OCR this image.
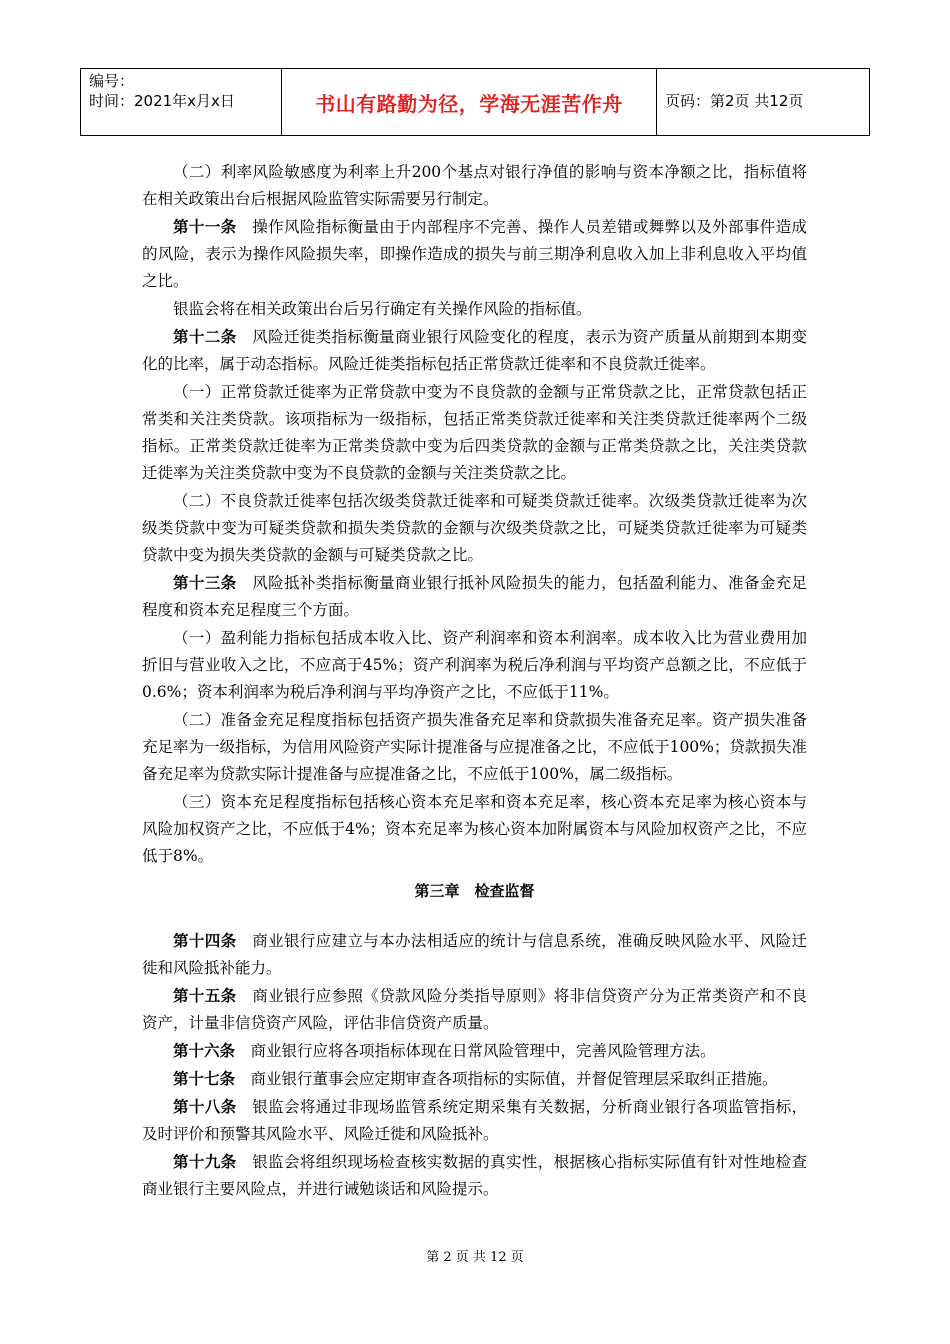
编号：
时间：2021年x月x日	书山有路勤为径，学海无涯苦作舟	页码：第2页 共12页

（二）利率风险敏感度为利率上升200个基点对银行净值的影响与资本净额之比，指标值将在相关政策出台后根据风险监管实际需要另行制定。

第十一条　操作风险指标衡量由于内部程序不完善、操作人员差错或舞弊以及外部事件造成的风险，表示为操作风险损失率，即操作造成的损失与前三期净利息收入加上非利息收入平均值之比。

银监会将在相关政策出台后另行确定有关操作风险的指标值。

第十二条　风险迁徙类指标衡量商业银行风险变化的程度，表示为资产质量从前期到本期变化的比率，属于动态指标。风险迁徙类指标包括正常贷款迁徙率和不良贷款迁徙率。

（一）正常贷款迁徙率为正常贷款中变为不良贷款的金额与正常贷款之比，正常贷款包括正常类和关注类贷款。该项指标为一级指标，包括正常类贷款迁徙率和关注类贷款迁徙率两个二级指标。正常类贷款迁徙率为正常类贷款中变为后四类贷款的金额与正常类贷款之比，关注类贷款迁徙率为关注类贷款中变为不良贷款的金额与关注类贷款之比。

（二）不良贷款迁徙率包括次级类贷款迁徙率和可疑类贷款迁徙率。次级类贷款迁徙率为次级类贷款中变为可疑类贷款和损失类贷款的金额与次级类贷款之比，可疑类贷款迁徙率为可疑类贷款中变为损失类贷款的金额与可疑类贷款之比。

第十三条　风险抵补类指标衡量商业银行抵补风险损失的能力，包括盈利能力、准备金充足程度和资本充足程度三个方面。

（一）盈利能力指标包括成本收入比、资产利润率和资本利润率。成本收入比为营业费用加折旧与营业收入之比，不应高于45%；资产利润率为税后净利润与平均资产总额之比，不应低于0.6%；资本利润率为税后净利润与平均净资产之比，不应低于11%。

（二）准备金充足程度指标包括资产损失准备充足率和贷款损失准备充足率。资产损失准备充足率为一级指标，为信用风险资产实际计提准备与应提准备之比，不应低于100%；贷款损失准备充足率为贷款实际计提准备与应提准备之比，不应低于100%，属二级指标。

（三）资本充足程度指标包括核心资本充足率和资本充足率，核心资本充足率为核心资本与风险加权资产之比，不应低于4%；资本充足率为核心资本加附属资本与风险加权资产之比，不应低于8%。

第三章　检查监督

第十四条　商业银行应建立与本办法相适应的统计与信息系统，准确反映风险水平、风险迁徙和风险抵补能力。

第十五条　商业银行应参照《贷款风险分类指导原则》将非信贷资产分为正常类资产和不良资产，计量非信贷资产风险，评估非信贷资产质量。

第十六条　商业银行应将各项指标体现在日常风险管理中，完善风险管理方法。

第十七条　商业银行董事会应定期审查各项指标的实际值，并督促管理层采取纠正措施。

第十八条　银监会将通过非现场监管系统定期采集有关数据，分析商业银行各项监管指标，及时评价和预警其风险水平、风险迁徙和风险抵补。

第十九条　银监会将组织现场检查核实数据的真实性，根据核心指标实际值有针对性地检查商业银行主要风险点，并进行诫勉谈话和风险提示。

第 2 页 共 12 页
